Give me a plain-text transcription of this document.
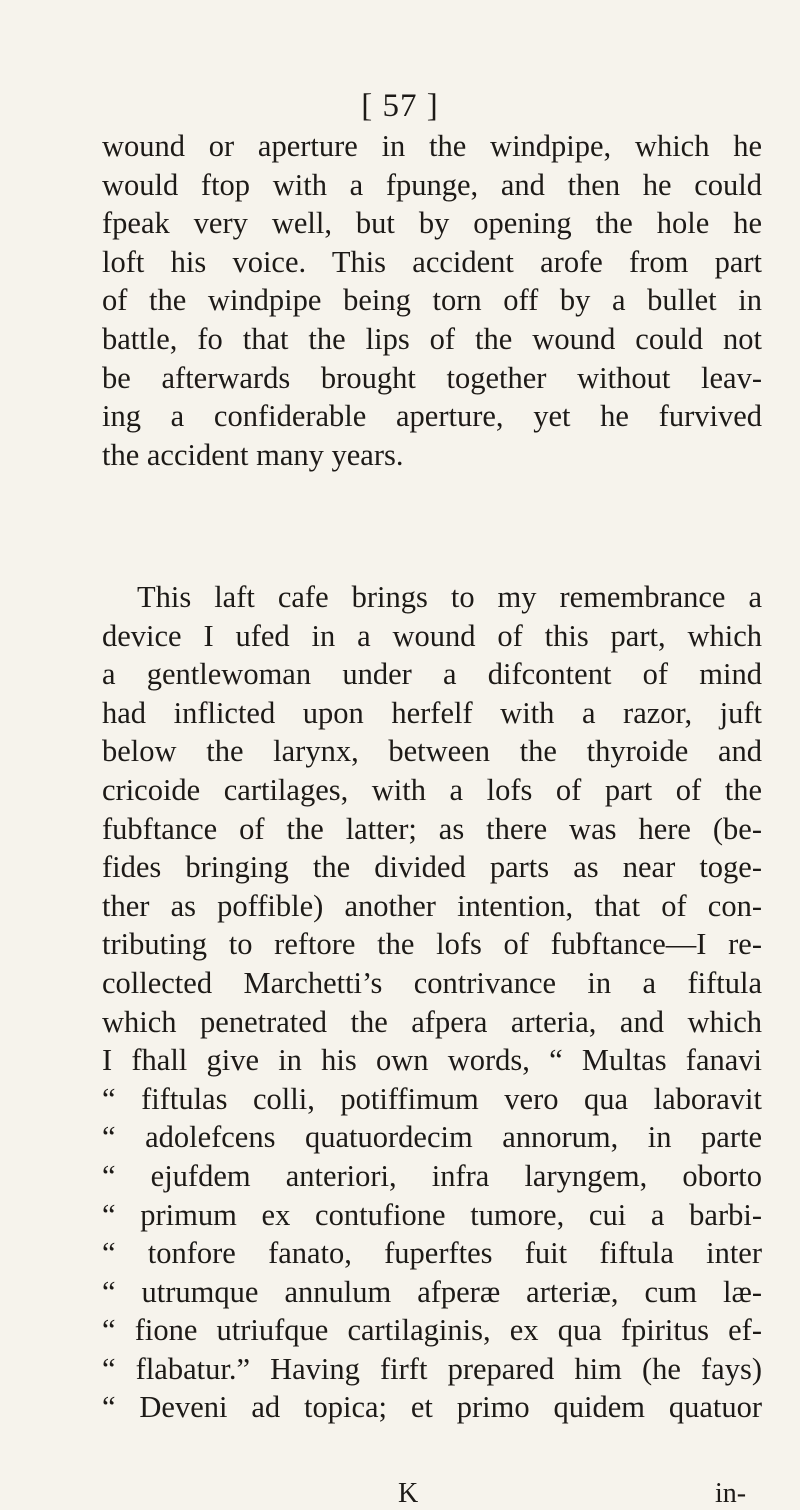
[ 57 ]
wound or aperture in the windpipe, which he
would ftop with a fpunge, and then he could
fpeak very well, but by opening the hole he
loft his voice. This accident arofe from part
of the windpipe being torn off by a bullet in
battle, fo that the lips of the wound could not
be afterwards brought together without leav-
ing a confiderable aperture, yet he furvived
the accident many years.
This laft cafe brings to my remembrance a
device I ufed in a wound of this part, which
a gentlewoman under a difcontent of mind
had inflicted upon herfelf with a razor, juft
below the larynx, between the thyroide and
cricoide cartilages, with a lofs of part of the
fubftance of the latter; as there was here (be-
fides bringing the divided parts as near toge-
ther as poffible) another intention, that of con-
tributing to reftore the lofs of fubftance—I re-
collected Marchetti’s contrivance in a fiftula
which penetrated the afpera arteria, and which
I fhall give in his own words, “ Multas fanavi
“ fiftulas colli, potiffimum vero qua laboravit
“ adolefcens quatuordecim annorum, in parte
“ ejufdem anteriori, infra laryngem, oborto
“ primum ex contufione tumore, cui a barbi-
“ tonfore fanato, fuperftes fuit fiftula inter
“ utrumque annulum afperæ arteriæ, cum læ-
“ fione utriufque cartilaginis, ex qua fpiritus ef-
“ flabatur.” Having firft prepared him (he fays)
“ Deveni ad topica; et primo quidem quatuor
K	in-
